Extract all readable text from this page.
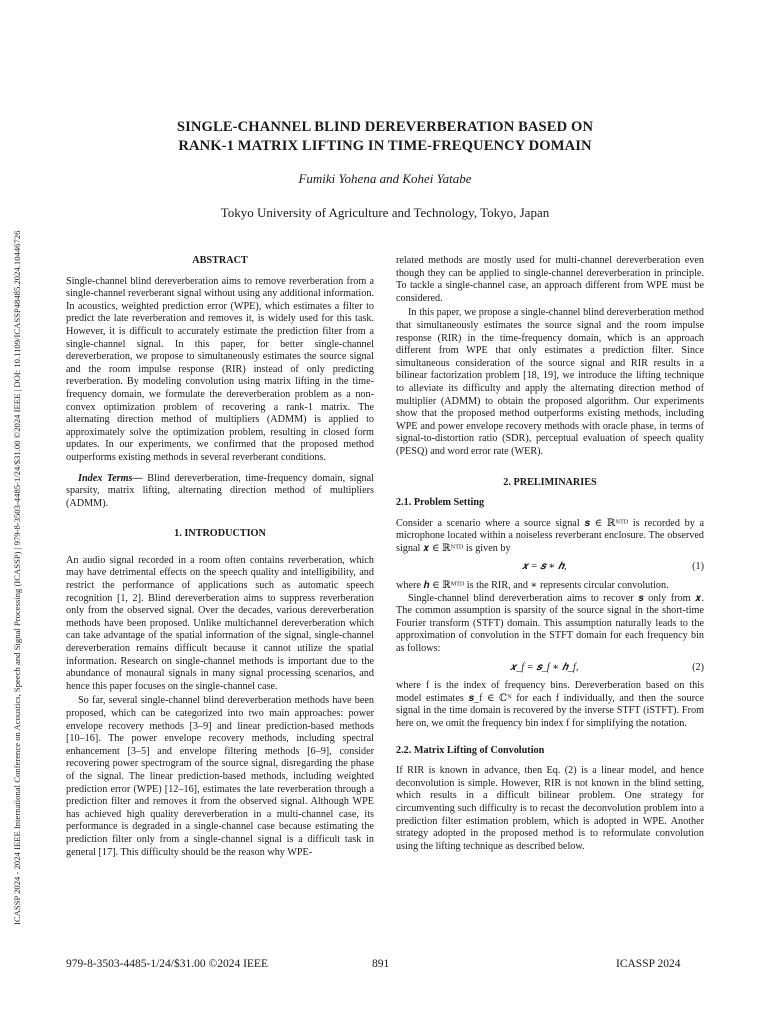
ICASSP 2024 - 2024 IEEE International Conference on Acoustics, Speech and Signal Processing (ICASSP) | 979-8-3503-4485-1/24/$31.00 ©2024 IEEE | DOI: 10.1109/ICASSP48485.2024.10446726
SINGLE-CHANNEL BLIND DEREVERBERATION BASED ON
RANK-1 MATRIX LIFTING IN TIME-FREQUENCY DOMAIN
Fumiki Yohena and Kohei Yatabe
Tokyo University of Agriculture and Technology, Tokyo, Japan
ABSTRACT

Single-channel blind dereverberation aims to remove reverberation from a single-channel reverberant signal without using any additional information. In acoustics, weighted prediction error (WPE), which estimates a filter to predict the late reverberation and removes it, is widely used for this task. However, it is difficult to accurately estimate the prediction filter from a single-channel signal. In this paper, for better single-channel dereverberation, we propose to simultaneously estimates the source signal and the room impulse response (RIR) instead of only predicting reverberation. By modeling convolution using matrix lifting in the time-frequency domain, we formulate the dereverberation problem as a non-convex optimization problem of recovering a rank-1 matrix. The alternating direction method of multipliers (ADMM) is applied to approximately solve the optimization problem, resulting in closed form updates. In our experiments, we confirmed that the proposed method outperforms existing methods in several reverberant conditions.

Index Terms— Blind dereverberation, time-frequency domain, signal sparsity, matrix lifting, alternating direction method of multipliers (ADMM).

1. INTRODUCTION

An audio signal recorded in a room often contains reverberation, which may have detrimental effects on the speech quality and intelligibility, and restrict the performance of applications such as automatic speech recognition [1, 2]. Blind dereverberation aims to suppress reverberation only from the observed signal. Over the decades, various dereverberation methods have been proposed. Unlike multichannel dereverberation which can take advantage of the spatial information of the signal, single-channel dereverberation remains difficult because it cannot utilize the spatial information. Research on single-channel methods is important due to the abundance of monaural signals in many signal processing scenarios, and hence this paper focuses on the single-channel case.

So far, several single-channel blind dereverberation methods have been proposed, which can be categorized into two main approaches: power envelope recovery methods [3–9] and linear prediction-based methods [10–16]. The power envelope recovery methods, including spectral enhancement [3–5] and envelope filtering methods [6–9], consider recovering power spectrogram of the source signal, disregarding the phase of the signal. The linear prediction-based methods, including weighted prediction error (WPE) [12–16], estimates the late reverberation through a prediction filter and removes it from the observed signal. Although WPE has achieved high quality dereverberation in a multi-channel case, its performance is degraded in a single-channel case because estimating the prediction filter only from a single-channel signal is a difficult task in general [17]. This difficulty should be the reason why WPE-

related methods are mostly used for multi-channel dereverberation even though they can be applied to single-channel dereverberation in principle. To tackle a single-channel case, an approach different from WPE must be considered.

In this paper, we propose a single-channel blind dereverberation method that simultaneously estimates the source signal and the room impulse response (RIR) in the time-frequency domain, which is an approach different from WPE that only estimates a prediction filter. Since simultaneous consideration of the source signal and RIR results in a bilinear factorization problem [18, 19], we introduce the lifting technique to alleviate its difficulty and apply the alternating direction method of multiplier (ADMM) to obtain the proposed algorithm. Our experiments show that the proposed method outperforms existing methods, including WPE and power envelope recovery methods with oracle phase, in terms of signal-to-distortion ratio (SDR), perceptual evaluation of speech quality (PESQ) and word error rate (WER).

2. PRELIMINARIES
2.1. Problem Setting

Consider a scenario where a source signal 𝒔 ∈ ℝᴺᵀᴰ is recorded by a microphone located within a noiseless reverberant enclosure. The observed signal 𝒙 ∈ ℝᴺᵀᴰ is given by

𝒙 = 𝒔 ∗ 𝒉,	(1)

where 𝒉 ∈ ℝᴹᵀᴰ is the RIR, and ∗ represents circular convolution.

Single-channel blind dereverberation aims to recover 𝒔 only from 𝒙. The common assumption is sparsity of the source signal in the short-time Fourier transform (STFT) domain. This assumption naturally leads to the approximation of convolution in the STFT domain for each frequency bin as follows:

𝒙_f = 𝒔_f ∗ 𝒉_f,	(2)

where f is the index of frequency bins. Dereverberation based on this model estimates 𝒔_f ∈ ℂᴺ for each f individually, and then the source signal in the time domain is recovered by the inverse STFT (iSTFT). From here on, we omit the frequency bin index f for simplifying the notation.

2.2. Matrix Lifting of Convolution

If RIR is known in advance, then Eq. (2) is a linear model, and hence deconvolution is simple. However, RIR is not known in the blind setting, which results in a difficult bilinear problem. One strategy for circumventing such difficulty is to recast the deconvolution problem into a prediction filter estimation problem, which is adopted in WPE. Another strategy adopted in the proposed method is to reformulate convolution using the lifting technique as described below.

979-8-3503-4485-1/24/$31.00 ©2024 IEEE	891	ICASSP 2024
